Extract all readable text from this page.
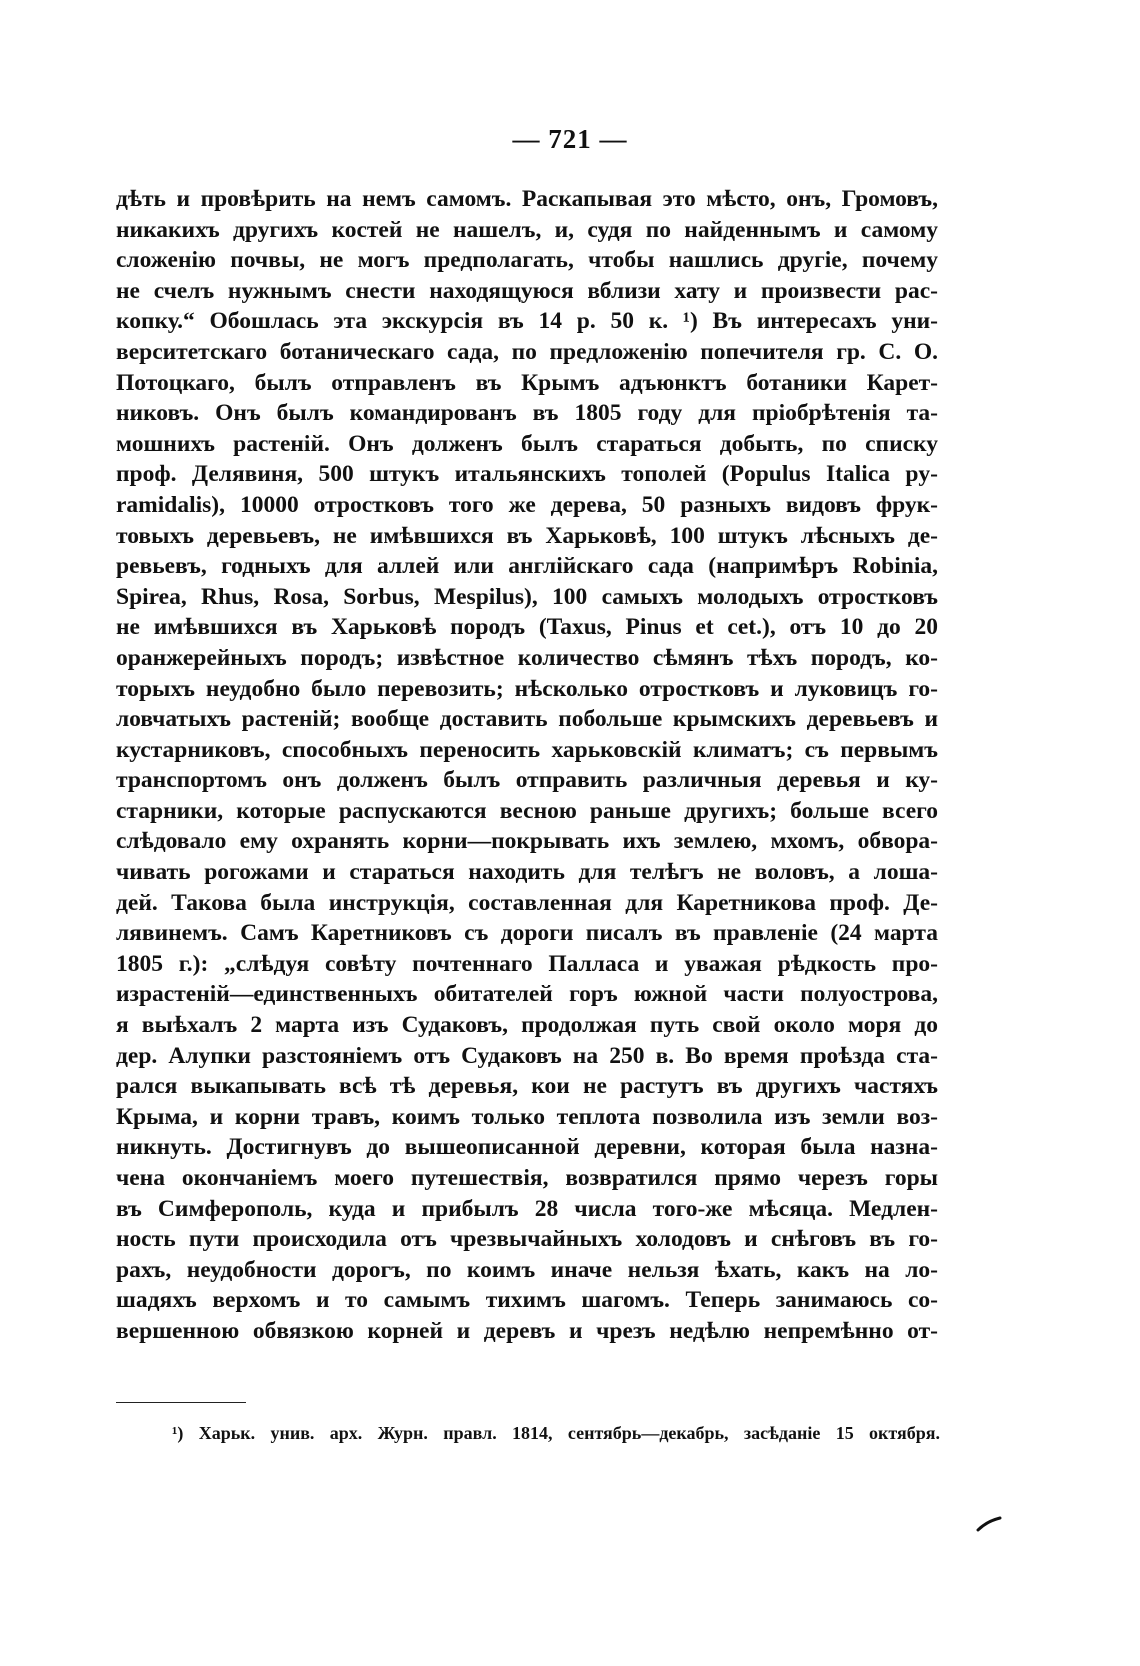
— 721 —
дѣть и провѣрить на немъ самомъ. Раскапывая это мѣсто, онъ, Громовъ,
никакихъ другихъ костей не нашелъ, и, судя по найденнымъ и самому
сложенію почвы, не могъ предполагать, чтобы нашлись другіе, почему
не счелъ нужнымъ снести находящуюся вблизи хату и произвести рас-
копку.“ Обошлась эта экскурсія въ 14 р. 50 к. ¹) Въ интересахъ уни-
верситетскаго ботаническаго сада, по предложенію попечителя гр. С. О.
Потоцкаго, былъ отправленъ въ Крымъ адъюнктъ ботаники Карет-
никовъ. Онъ былъ командированъ въ 1805 году для пріобрѣтенія та-
мошнихъ растеній. Онъ долженъ былъ стараться добыть, по списку
проф. Делявиня, 500 штукъ итальянскихъ тополей (Populus Italica py-
ramidalis), 10000 отростковъ того же дерева, 50 разныхъ видовъ фрук-
товыхъ деревьевъ, не имѣвшихся въ Харьковѣ, 100 штукъ лѣсныхъ де-
ревьевъ, годныхъ для аллей или англійскаго сада (напримѣръ Robinia,
Spirea, Rhus, Rosa, Sorbus, Mespilus), 100 самыхъ молодыхъ отростковъ
не имѣвшихся въ Харьковѣ породъ (Taxus, Pinus et cet.), отъ 10 до 20
оранжерейныхъ породъ; извѣстное количество сѣмянъ тѣхъ породъ, ко-
торыхъ неудобно было перевозить; нѣсколько отростковъ и луковицъ го-
ловчатыхъ растеній; вообще доставить побольше крымскихъ деревьевъ и
кустарниковъ, способныхъ переносить харьковскій климатъ; съ первымъ
транспортомъ онъ долженъ былъ отправить различныя деревья и ку-
старники, которые распускаются весною раньше другихъ; больше всего
слѣдовало ему охранять корни—покрывать ихъ землею, мхомъ, обвора-
чивать рогожами и стараться находить для телѣгъ не воловъ, а лоша-
дей. Такова была инструкція, составленная для Каретникова проф. Де-
лявинемъ. Самъ Каретниковъ съ дороги писалъ въ правленіе (24 марта
1805 г.): „слѣдуя совѣту почтеннаго Палласа и уважая рѣдкость про-
израстеній—единственныхъ обитателей горъ южной части полуострова,
я выѣхалъ 2 марта изъ Судаковъ, продолжая путь свой около моря до
дер. Алупки разстояніемъ отъ Судаковъ на 250 в. Во время проѣзда ста-
рался выкапывать всѣ тѣ деревья, кои не растутъ въ другихъ частяхъ
Крыма, и корни травъ, коимъ только теплота позволила изъ земли воз-
никнуть. Достигнувъ до вышеописанной деревни, которая была назна-
чена окончаніемъ моего путешествія, возвратился прямо черезъ горы
въ Симферополь, куда и прибылъ 28 числа того-же мѣсяца. Медлен-
ность пути происходила отъ чрезвычайныхъ холодовъ и снѣговъ въ го-
рахъ, неудобности дорогъ, по коимъ иначе нельзя ѣхать, какъ на ло-
шадяхъ верхомъ и то самымъ тихимъ шагомъ. Теперь занимаюсь со-
вершенною обвязкою корней и деревъ и чрезъ недѣлю непремѣнно от-
¹) Харьк. унив. арх. Журн. правл. 1814, сентябрь—декабрь, засѣданіе 15 октября.
